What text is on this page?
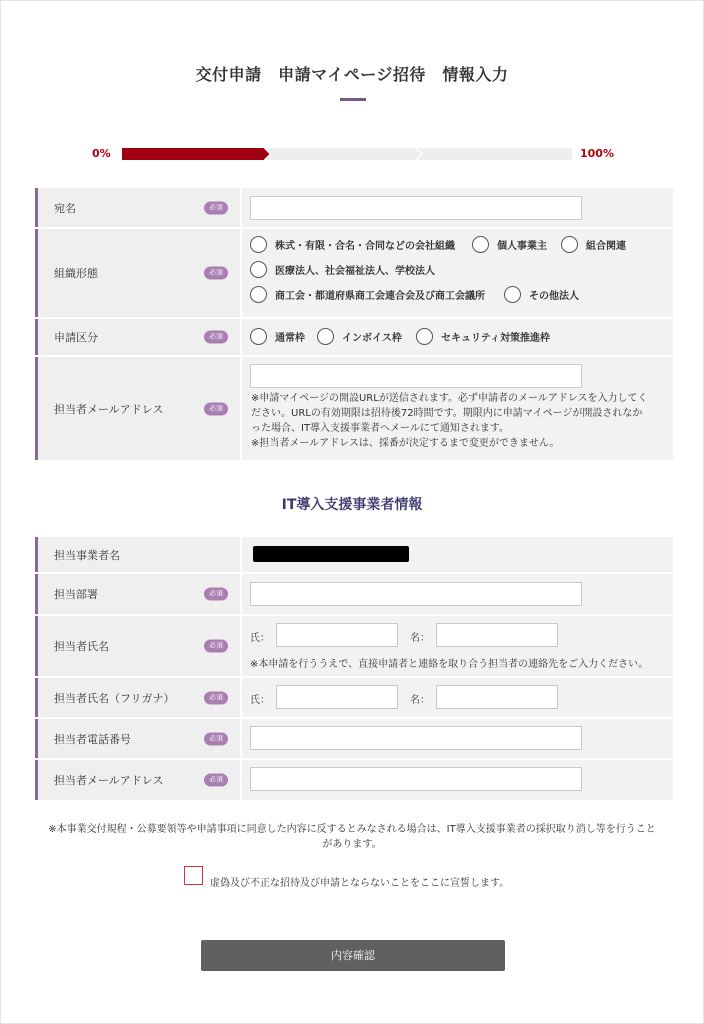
交付申請　申請マイページ招待　情報入力
0%	100%
宛名	必須
組織形態	必須
株式・有限・合名・合同などの会社組織	個人事業主	組合関連
医療法人、社会福祉法人、学校法人
商工会・都道府県商工会連合会及び商工会議所	その他法人
申請区分	必須	通常枠	インボイス枠	セキュリティ対策推進枠
担当者メールアドレス	必須
※申請マイページの開設URLが送信されます。必ず申請者のメールアドレスを入力してく
ださい。URLの有効期限は招待後72時間です。期限内に申請マイページが開設されなか
った場合、IT導入支援事業者へメールにて通知されます。
※担当者メールアドレスは、採番が決定するまで変更ができません。
IT導入支援事業者情報
担当事業者名
担当部署	必須
担当者氏名	必須
氏：	名：
※本申請を行ううえで、直接申請者と連絡を取り合う担当者の連絡先をご入力ください。
担当者氏名（フリガナ）	必須	氏：	名：
担当者電話番号	必須
担当者メールアドレス	必須
※本事業交付規程・公募要領等や申請事項に同意した内容に反するとみなされる場合は、IT導入支援事業者の採択取り消し等を行うこと
があります。
虚偽及び不正な招待及び申請とならないことをここに宣誓します。
内容確認
